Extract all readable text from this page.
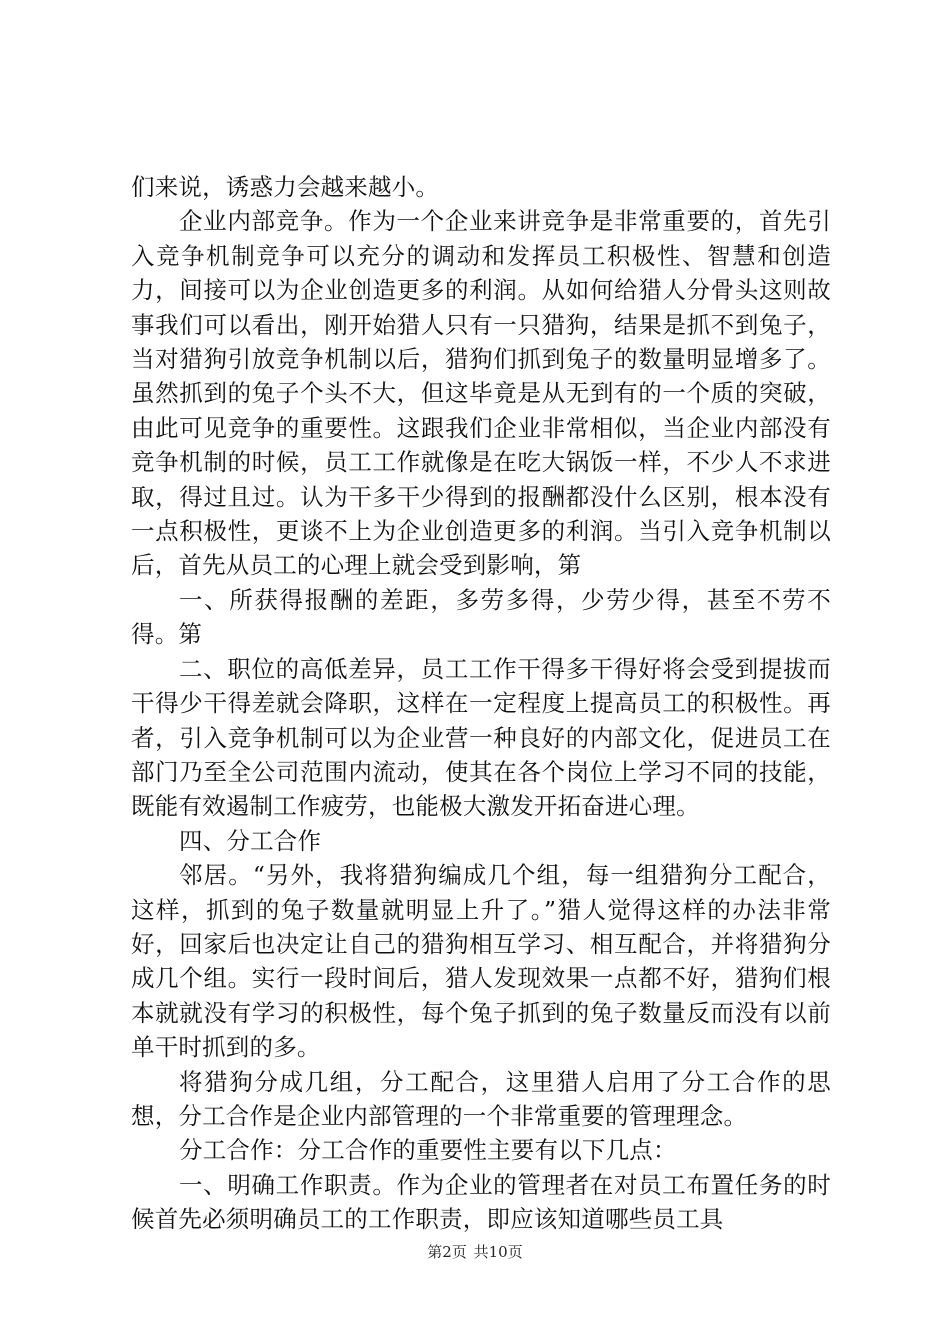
们来说，诱惑力会越来越小。

企业内部竞争。作为一个企业来讲竞争是非常重要的，首先引入竞争机制竞争可以充分的调动和发挥员工积极性、智慧和创造力，间接可以为企业创造更多的利润。从如何给猎人分骨头这则故事我们可以看出，刚开始猎人只有一只猎狗，结果是抓不到兔子，当对猎狗引放竞争机制以后，猎狗们抓到兔子的数量明显增多了。虽然抓到的兔子个头不大，但这毕竟是从无到有的一个质的突破，由此可见竞争的重要性。这跟我们企业非常相似，当企业内部没有竞争机制的时候，员工工作就像是在吃大锅饭一样，不少人不求进取，得过且过。认为干多干少得到的报酬都没什么区别，根本没有一点积极性，更谈不上为企业创造更多的利润。当引入竞争机制以后，首先从员工的心理上就会受到影响，第

一、所获得报酬的差距，多劳多得，少劳少得，甚至不劳不得。第

二、职位的高低差异，员工工作干得多干得好将会受到提拔而干得少干得差就会降职，这样在一定程度上提高员工的积极性。再者，引入竞争机制可以为企业营一种良好的内部文化，促进员工在部门乃至全公司范围内流动，使其在各个岗位上学习不同的技能，既能有效遏制工作疲劳，也能极大激发开拓奋进心理。

四、分工合作

邻居。“另外，我将猎狗编成几个组，每一组猎狗分工配合，这样，抓到的兔子数量就明显上升了。”猎人觉得这样的办法非常好，回家后也决定让自己的猎狗相互学习、相互配合，并将猎狗分成几个组。实行一段时间后，猎人发现效果一点都不好，猎狗们根本就就没有学习的积极性，每个兔子抓到的兔子数量反而没有以前单干时抓到的多。

将猎狗分成几组，分工配合，这里猎人启用了分工合作的思想，分工合作是企业内部管理的一个非常重要的管理理念。

分工合作：分工合作的重要性主要有以下几点：

一、明确工作职责。作为企业的管理者在对员工布置任务的时候首先必须明确员工的工作职责，即应该知道哪些员工具

第2页 共10页
